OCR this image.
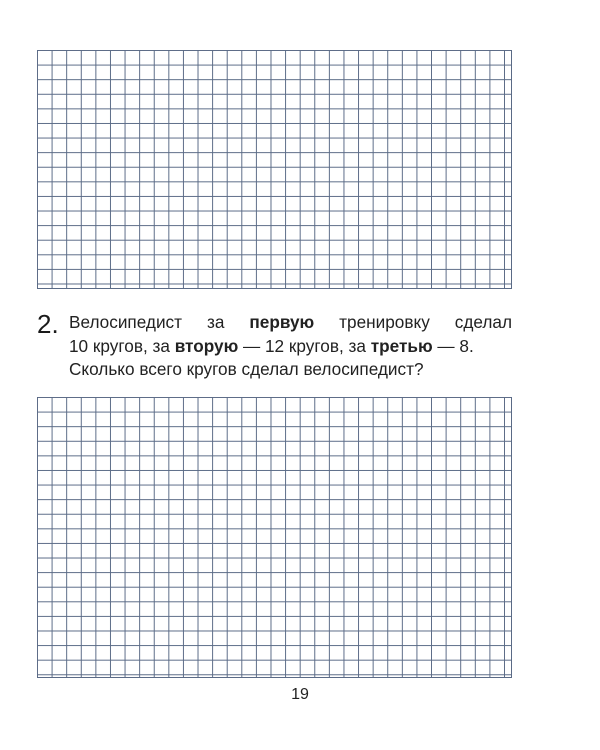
2. Велосипедист за первую тренировку сделал
10 кругов, за вторую — 12 кругов, за третью — 8.
Сколько всего кругов сделал велосипедист?
19
